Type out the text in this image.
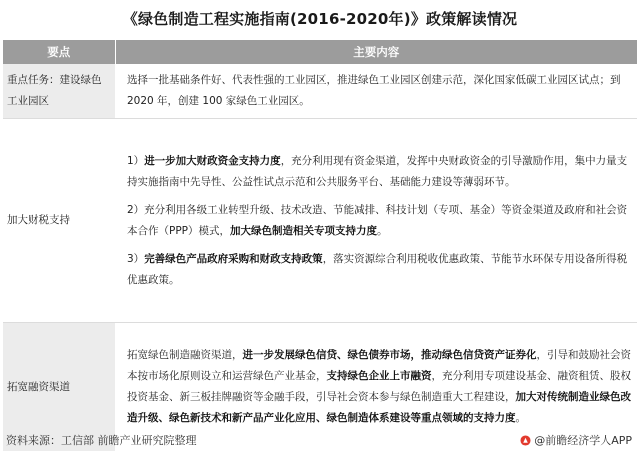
《绿色制造工程实施指南(2016-2020年)》政策解读情况
要点	主要内容
重点任务：建设绿色工业园区	选择一批基础条件好、代表性强的工业园区，推进绿色工业园区创建示范，深化国家低碳工业园区试点；到 2020 年，创建 100 家绿色工业园区。

加大财税支持	1）进一步加大财政资金支持力度，充分利用现有资金渠道，发挥中央财政资金的引导激励作用，集中力量支持实施指南中先导性、公益性试点示范和公共服务平台、基础能力建设等薄弱环节。
2）充分利用各级工业转型升级、技术改造、节能减排、科技计划（专项、基金）等资金渠道及政府和社会资本合作（PPP）模式，加大绿色制造相关专项支持力度。
3）完善绿色产品政府采购和财政支持政策，落实资源综合利用税收优惠政策、节能节水环保专用设备所得税优惠政策。

拓宽融资渠道	拓宽绿色制造融资渠道，进一步发展绿色信贷、绿色债券市场，推动绿色信贷资产证券化，引导和鼓励社会资本按市场化原则设立和运营绿色产业基金，支持绿色企业上市融资，充分利用专项建设基金、融资租赁、股权投资基金、新三板挂牌融资等金融手段，引导社会资本参与绿色制造重大工程建设，加大对传统制造业绿色改造升级、绿色新技术和新产品产业化应用、绿色制造体系建设等重点领域的支持力度。
资料来源：工信部 前瞻产业研究院整理	@前瞻经济学人APP
